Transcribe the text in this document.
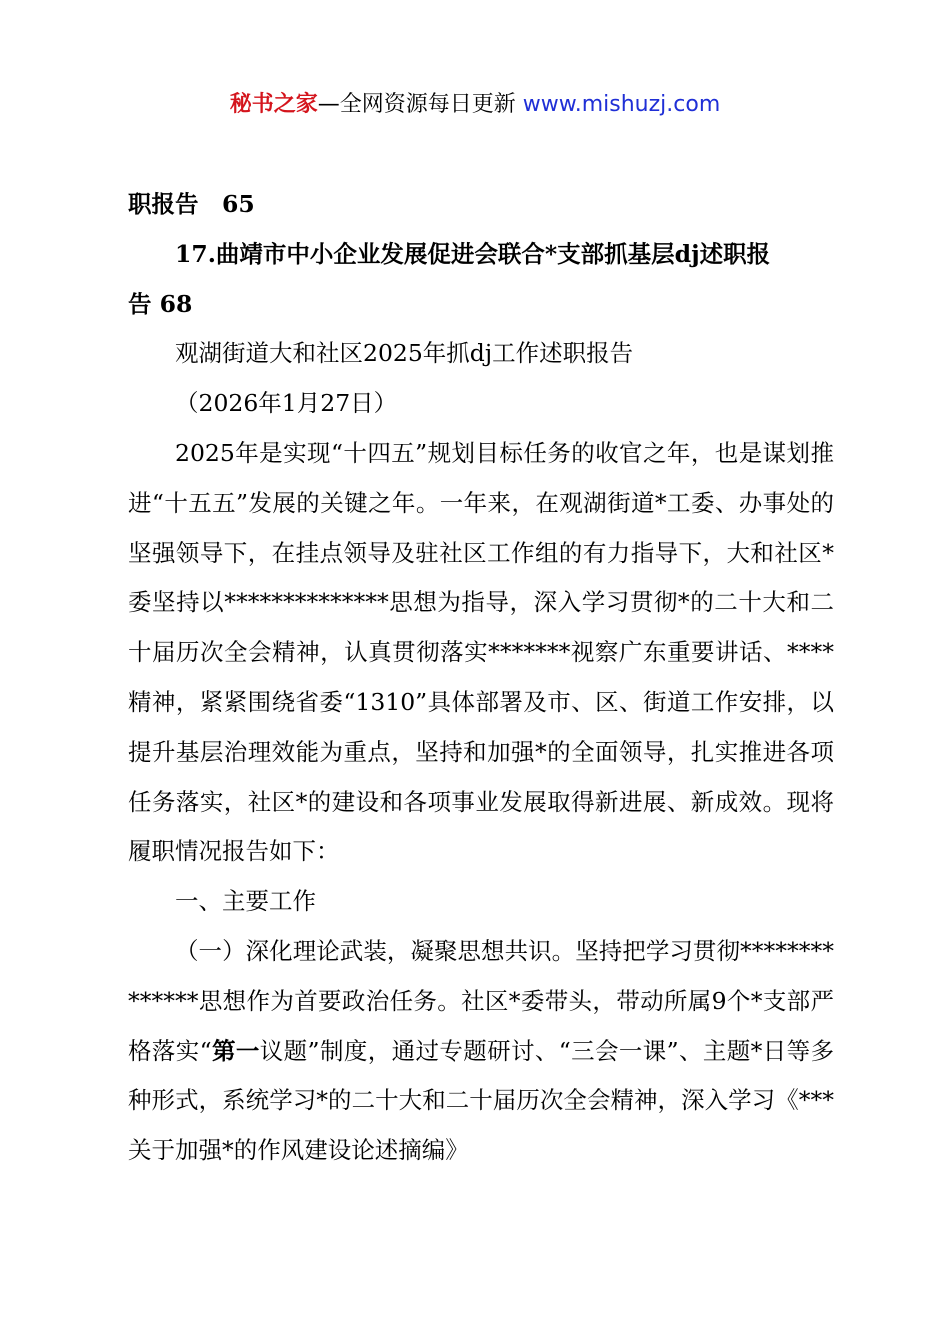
秘书之家—全网资源每日更新 www.mishuzj.com

职报告　65

17.曲靖市中小企业发展促进会联合*支部抓基层dj述职报

告 68

观湖街道大和社区2025年抓dj工作述职报告

（2026年1月27日）

2025年是实现“十四五”规划目标任务的收官之年，也是谋划推进“十五五”发展的关键之年。一年来，在观湖街道*工委、办事处的坚强领导下，在挂点领导及驻社区工作组的有力指导下，大和社区*委坚持以**************思想为指导，深入学习贯彻*的二十大和二十届历次全会精神，认真贯彻落实*******视察广东重要讲话、****精神，紧紧围绕省委“1310”具体部署及市、区、街道工作安排，以提升基层治理效能为重点，坚持和加强*的全面领导，扎实推进各项任务落实，社区*的建设和各项事业发展取得新进展、新成效。现将履职情况报告如下：

一、主要工作

（一）深化理论武装，凝聚思想共识。坚持把学习贯彻**************思想作为首要政治任务。社区*委带头，带动所属9个*支部严格落实“第一议题”制度，通过专题研讨、“三会一课”、主题*日等多种形式，系统学习*的二十大和二十届历次全会精神，深入学习《***关于加强*的作风建设论述摘编》
